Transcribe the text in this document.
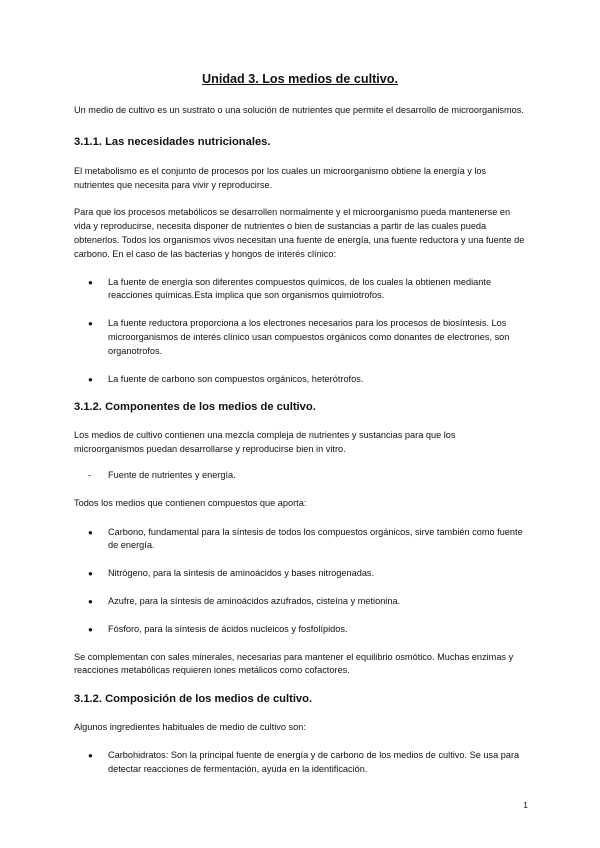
Unidad 3. Los medios de cultivo.

Un medio de cultivo es un sustrato o una solución de nutrientes que permite el desarrollo de microorganismos.

3.1.1. Las necesidades nutricionales.

El metabolismo es el conjunto de procesos por los cuales un microorganismo obtiene la energía y los nutrientes que necesita para vivir y reproducirse.

Para que los procesos metabólicos se desarrollen normalmente y el microorganismo pueda mantenerse en vida y reproducirse, necesita disponer de nutrientes o bien de sustancias a partir de las cuales pueda obtenerlos. Todos los organismos vivos necesitan una fuente de energía, una fuente reductora y una fuente de carbono. En el caso de las bacterias y hongos de interés clínico:

● La fuente de energía son diferentes compuestos químicos, de los cuales la obtienen mediante reacciones químicas.Esta implica que son organismos quimiotrofos.
● La fuente reductora proporciona a los electrones necesarios para los procesos de biosíntesis. Los microorganismos de interés clínico usan compuestos orgánicos como donantes de electrones, son organotrofos.
● La fuente de carbono son compuestos orgánicos, heterótrofos.
3.1.2. Componentes de los medios de cultivo.

Los medios de cultivo contienen una mezcla compleja de nutrientes y sustancias para que los microorganismos puedan desarrollarse y reproducirse bien in vitro.

- Fuente de nutrientes y energía.

Todos los medios que contienen compuestos que aporta:

● Carbono, fundamental para la síntesis de todos los compuestos orgánicos, sirve también como fuente de energía.
● Nitrógeno, para la síntesis de aminoácidos y bases nitrogenadas.
● Azufre, para la síntesis de aminoácidos azufrados, cisteína y metionina.
● Fósforo, para la síntesis de ácidos nucleicos y fosfolípidos.

Se complementan con sales minerales, necesarias para mantener el equilibrio osmótico. Muchas enzimas y reacciones metabólicas requieren iones metálicos como cofactores.

3.1.2. Composición de los medios de cultivo.

Algunos ingredientes habituales de medio de cultivo son:

● Carbohidratos: Son la principal fuente de energía y de carbono de los medios de cultivo. Se usa para detectar reacciones de fermentación, ayuda en la identificación.
1
